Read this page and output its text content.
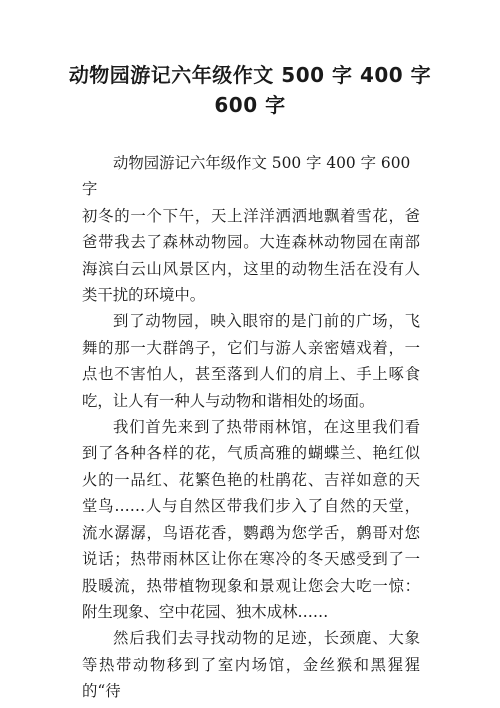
动物园游记六年级作文 500 字 400 字 600 字

动物园游记六年级作文 500 字 400 字 600 字

初冬的一个下午，天上洋洋洒洒地飘着雪花，爸爸带我去了森林动物园。大连森林动物园在南部海滨白云山风景区内，这里的动物生活在没有人类干扰的环境中。

到了动物园，映入眼帘的是门前的广场，飞舞的那一大群鸽子，它们与游人亲密嬉戏着，一点也不害怕人，甚至落到人们的肩上、手上啄食吃，让人有一种人与动物和谐相处的场面。

我们首先来到了热带雨林馆，在这里我们看到了各种各样的花，气质高雅的蝴蝶兰、艳红似火的一品红、花繁色艳的杜鹃花、吉祥如意的天堂鸟……人与自然区带我们步入了自然的天堂，流水潺潺，鸟语花香，鹦鹉为您学舌，鹩哥对您说话；热带雨林区让你在寒冷的冬天感受到了一股暖流，热带植物现象和景观让您会大吃一惊：附生现象、空中花园、独木成林……

然后我们去寻找动物的足迹，长颈鹿、大象等热带动物移到了室内场馆，金丝猴和黑猩猩的“待
